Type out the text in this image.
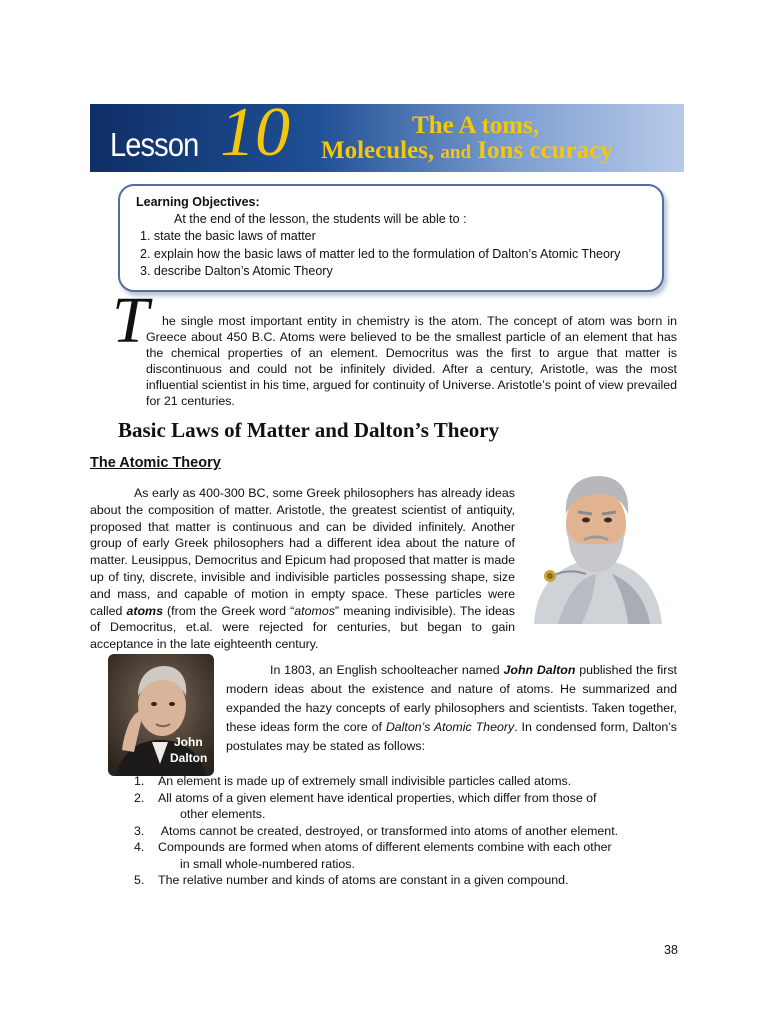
Lesson 10	The A toms,
Molecules, and Ions ccuracy
Learning Objectives:
At the end of the lesson, the students will be able to :
1. state the basic laws of matter
2. explain how the basic laws of matter led to the formulation of Dalton’s Atomic Theory
3. describe Dalton’s Atomic Theory
T	he single most important entity in chemistry is the atom. The concept of atom was born in Greece about 450 B.C. Atoms were believed to be the smallest particle of an element that has the chemical properties of an element. Democritus was the first to argue that matter is discontinuous and could not be infinitely divided. After a century, Aristotle, was the most influential scientist in his time, argued for continuity of Universe. Aristotle’s point of view prevailed for 21 centuries.

Basic Laws of Matter and Dalton’s Theory
The Atomic Theory

As early as 400-300 BC, some Greek philosophers has already ideas about the composition of matter. Aristotle, the greatest scientist of antiquity, proposed that matter is continuous and can be divided infinitely. Another group of early Greek philosophers had a different idea about the nature of matter. Leusippus, Democritus and Epicum had proposed that matter is made up of tiny, discrete, invisible and indivisible particles possessing shape, size and mass, and capable of motion in empty space. These particles were called atoms (from the Greek word “atomos” meaning indivisible). The ideas of Democritus, et.al. were rejected for centuries, but began to gain acceptance in the late eighteenth century.

John
Dalton

In 1803, an English schoolteacher named John Dalton published the first modern ideas about the existence and nature of atoms. He summarized and expanded the hazy concepts of early philosophers and scientists. Taken together, these ideas form the core of Dalton’s Atomic Theory. In condensed form, Dalton’s postulates may be stated as follows:

1. An element is made up of extremely small indivisible particles called atoms.
2. All atoms of a given element have identical properties, which differ from those of
other elements.
3. Atoms cannot be created, destroyed, or transformed into atoms of another element.
4. Compounds are formed when atoms of different elements combine with each other
in small whole-numbered ratios.
5. The relative number and kinds of atoms are constant in a given compound.
38
